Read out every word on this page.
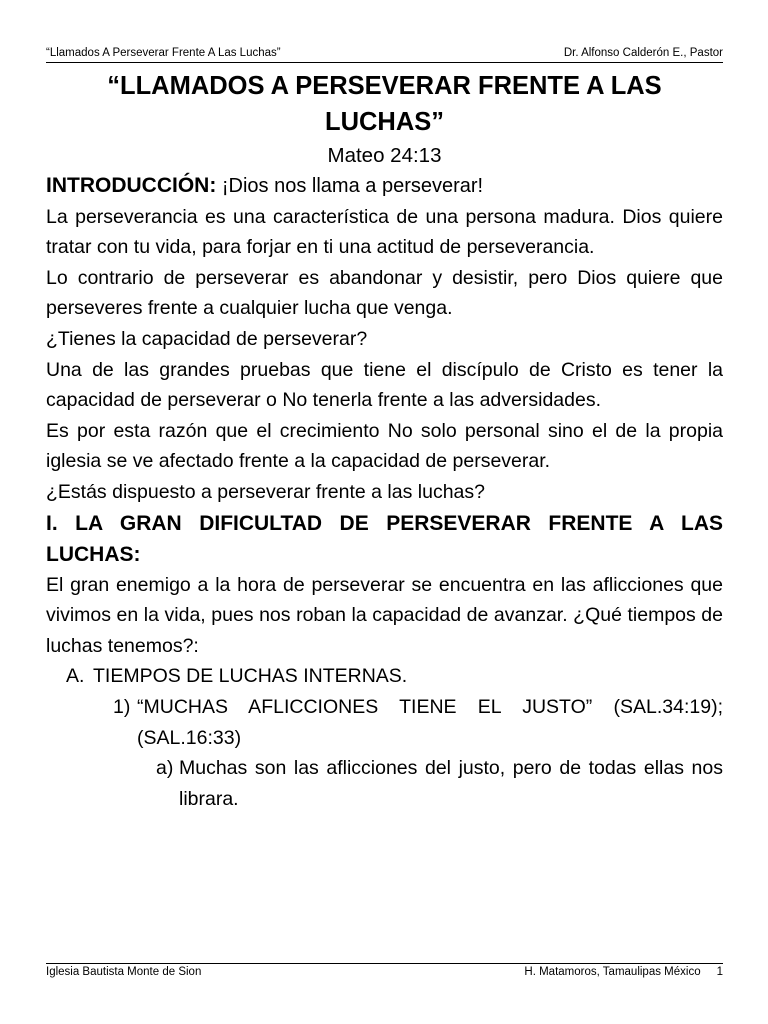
“Llamados A Perseverar Frente A Las Luchas”	Dr. Alfonso Calderón E., Pastor
“LLAMADOS A PERSEVERAR FRENTE A LAS LUCHAS”

Mateo 24:13

INTRODUCCIÓN: ¡Dios nos llama a perseverar!

La perseverancia es una característica de una persona madura. Dios quiere tratar con tu vida, para forjar en ti una actitud de perseverancia.

Lo contrario de perseverar es abandonar y desistir, pero Dios quiere que perseveres frente a cualquier lucha que venga.

¿Tienes la capacidad de perseverar?

Una de las grandes pruebas que tiene el discípulo de Cristo es tener la capacidad de perseverar o No tenerla frente a las adversidades.

Es por esta razón que el crecimiento No solo personal sino el de la propia iglesia se ve afectado frente a la capacidad de perseverar.

¿Estás dispuesto a perseverar frente a las luchas?

I. LA GRAN DIFICULTAD DE PERSEVERAR FRENTE A LAS LUCHAS:

El gran enemigo a la hora de perseverar se encuentra en las aflicciones que vivimos en la vida, pues nos roban la capacidad de avanzar. ¿Qué tiempos de luchas tenemos?:

A. TIEMPOS DE LUCHAS INTERNAS.
1) “MUCHAS AFLICCIONES TIENE EL JUSTO” (SAL.34:19); (SAL.16:33)
a) Muchas son las aflicciones del justo, pero de todas ellas nos librara.
Iglesia Bautista Monte de Sion	H. Matamoros, Tamaulipas México 1
